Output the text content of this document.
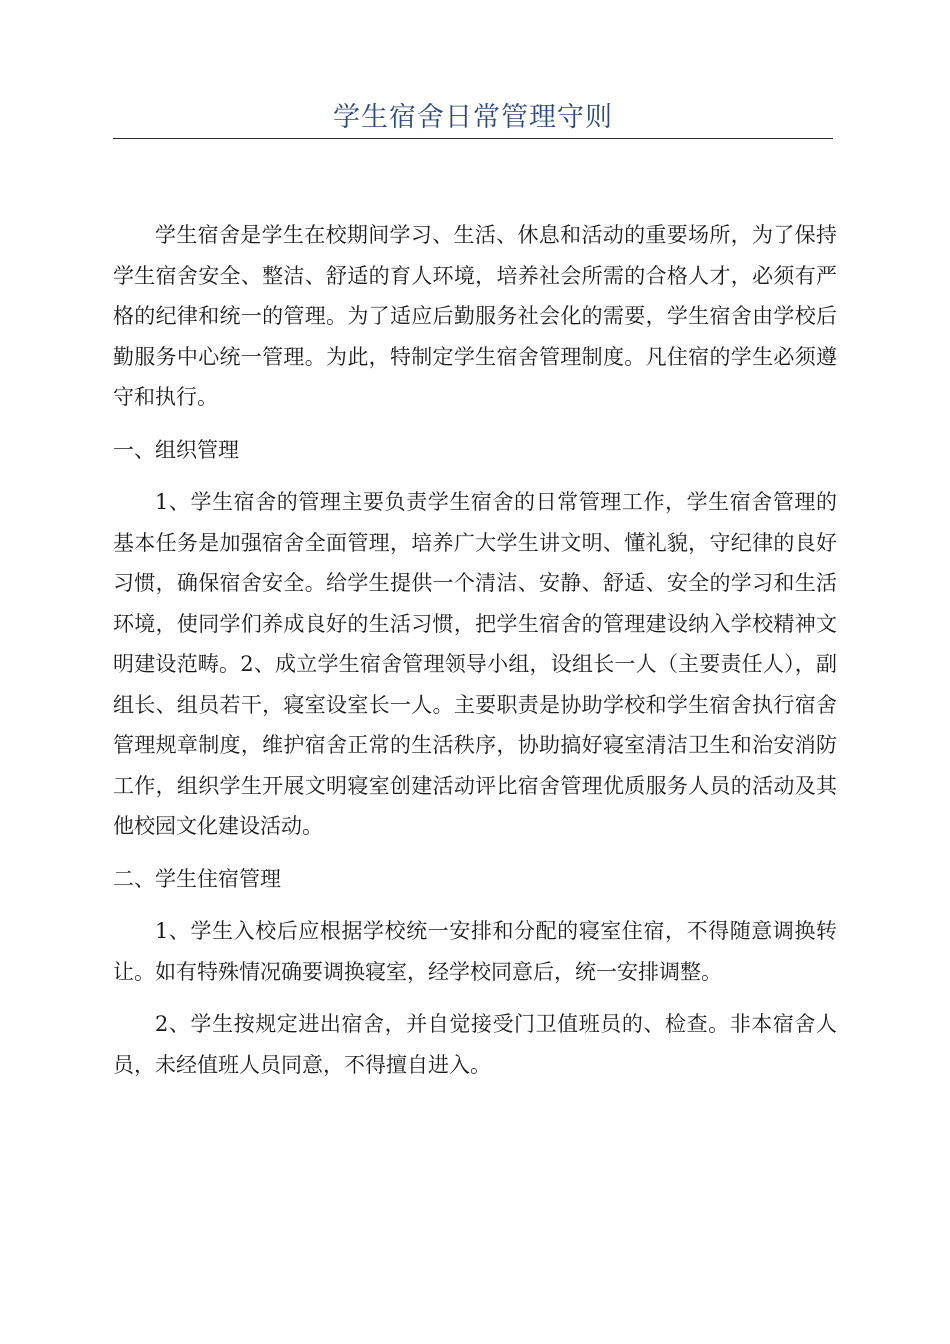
学生宿舍日常管理守则

学生宿舍是学生在校期间学习、生活、休息和活动的重要场所，为了保持学生宿舍安全、整洁、舒适的育人环境，培养社会所需的合格人才，必须有严格的纪律和统一的管理。为了适应后勤服务社会化的需要，学生宿舍由学校后勤服务中心统一管理。为此，特制定学生宿舍管理制度。凡住宿的学生必须遵守和执行。

一、组织管理

1、学生宿舍的管理主要负责学生宿舍的日常管理工作，学生宿舍管理的基本任务是加强宿舍全面管理，培养广大学生讲文明、懂礼貌，守纪律的良好习惯，确保宿舍安全。给学生提供一个清洁、安静、舒适、安全的学习和生活环境，使同学们养成良好的生活习惯，把学生宿舍的管理建设纳入学校精神文明建设范畴。2、成立学生宿舍管理领导小组，设组长一人（主要责任人），副组长、组员若干，寝室设室长一人。主要职责是协助学校和学生宿舍执行宿舍管理规章制度，维护宿舍正常的生活秩序，协助搞好寝室清洁卫生和治安消防工作，组织学生开展文明寝室创建活动评比宿舍管理优质服务人员的活动及其他校园文化建设活动。

二、学生住宿管理

1、学生入校后应根据学校统一安排和分配的寝室住宿，不得随意调换转让。如有特殊情况确要调换寝室，经学校同意后，统一安排调整。

2、学生按规定进出宿舍，并自觉接受门卫值班员的、检查。非本宿舍人员，未经值班人员同意，不得擅自进入。
